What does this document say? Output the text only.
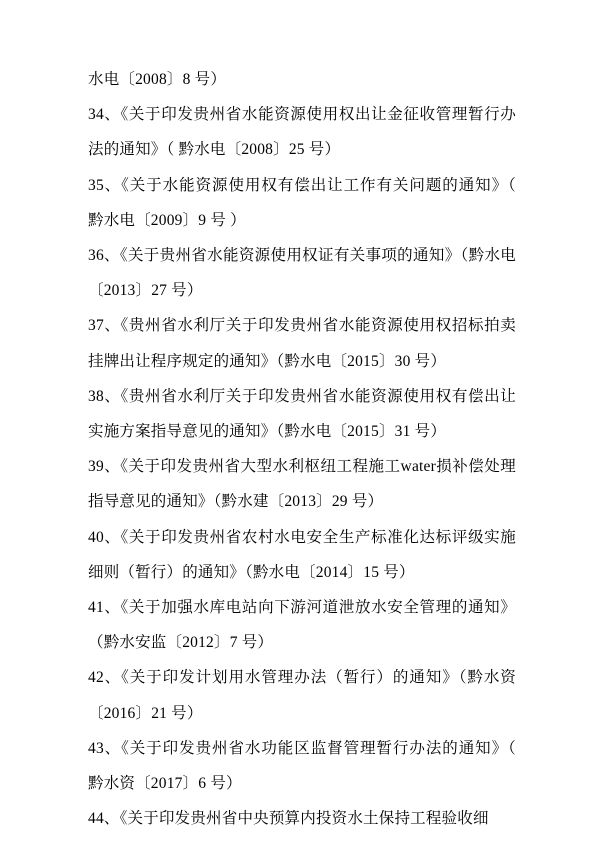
水电〔2008〕8 号）

34、《关于印发贵州省水能资源使用权出让金征收管理暂行办法的通知》（ 黔水电〔2008〕25 号）

35、《关于水能资源使用权有偿出让工作有关问题的通知》（ 黔水电〔2009〕9 号 ）

36、《关于贵州省水能资源使用权证有关事项的通知》（黔水电〔2013〕27 号）

37、《贵州省水利厅关于印发贵州省水能资源使用权招标拍卖挂牌出让程序规定的通知》（黔水电〔2015〕30 号）

38、《贵州省水利厅关于印发贵州省水能资源使用权有偿出让实施方案指导意见的通知》（黔水电〔2015〕31 号）

39、《关于印发贵州省大型水利枢纽工程施工water损补偿处理指导意见的通知》（黔水建〔2013〕29 号）

40、《关于印发贵州省农村水电安全生产标准化达标评级实施细则（暂行）的通知》（黔水电〔2014〕15 号）

41、《关于加强水库电站向下游河道泄放水安全管理的通知》（黔水安监〔2012〕7 号）

42、《关于印发计划用水管理办法（暂行）的通知》（黔水资〔2016〕21 号）

43、《关于印发贵州省水功能区监督管理暂行办法的通知》（ 黔水资〔2017〕6 号）

44、《关于印发贵州省中央预算内投资水土保持工程验收细
